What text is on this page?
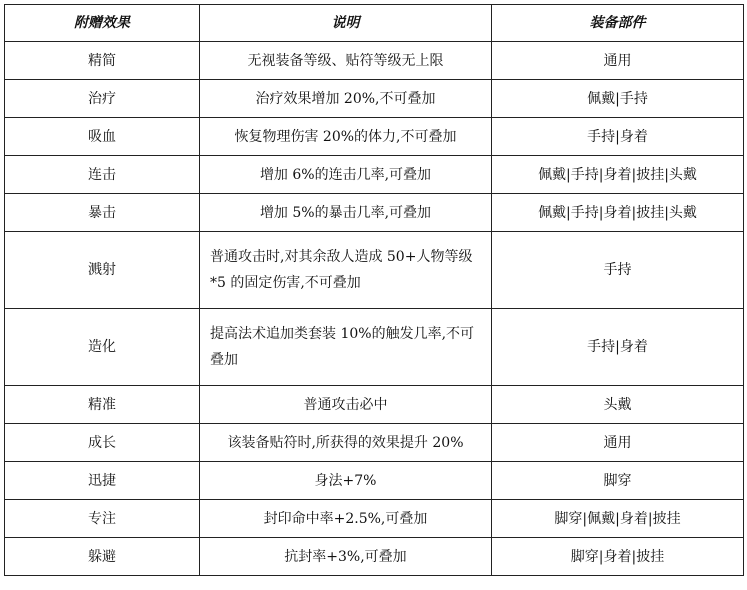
附赠效果	说明	装备部件
精简	无视装备等级、贴符等级无上限	通用
治疗	治疗效果增加 20%,不可叠加	佩戴|手持
吸血	恢复物理伤害 20%的体力,不可叠加	手持|身着
连击	增加 6%的连击几率,可叠加	佩戴|手持|身着|披挂|头戴
暴击	增加 5%的暴击几率,可叠加	佩戴|手持|身着|披挂|头戴
溅射	普通攻击时,对其余敌人造成 50+人物等级*5 的固定伤害,不可叠加	手持
造化	提高法术追加类套装 10%的触发几率,不可叠加	手持|身着
精准	普通攻击必中	头戴
成长	该装备贴符时,所获得的效果提升 20%	通用
迅捷	身法+7%	脚穿
专注	封印命中率+2.5%,可叠加	脚穿|佩戴|身着|披挂
躲避	抗封率+3%,可叠加	脚穿|身着|披挂
